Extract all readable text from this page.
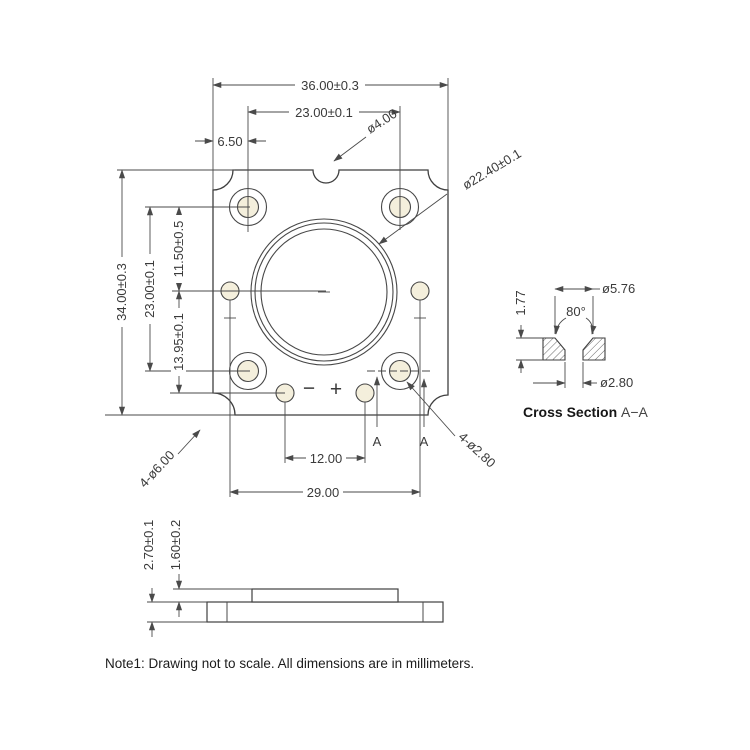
A	A
− +
36.00±0.3
23.00±0.1
6.50
ø4.00
34.00±0.3 23.00±0.1
11.50±0.5
13.95±0.1
ø22.40±0.1
12.00
29.00
4-ø6.00	4-ø2.80
ø5.76
80°
1.77
ø2.80
Cross Section A−A
1.60±0.2
2.70±0.1
Note1: Drawing not to scale. All dimensions are in millimeters.
